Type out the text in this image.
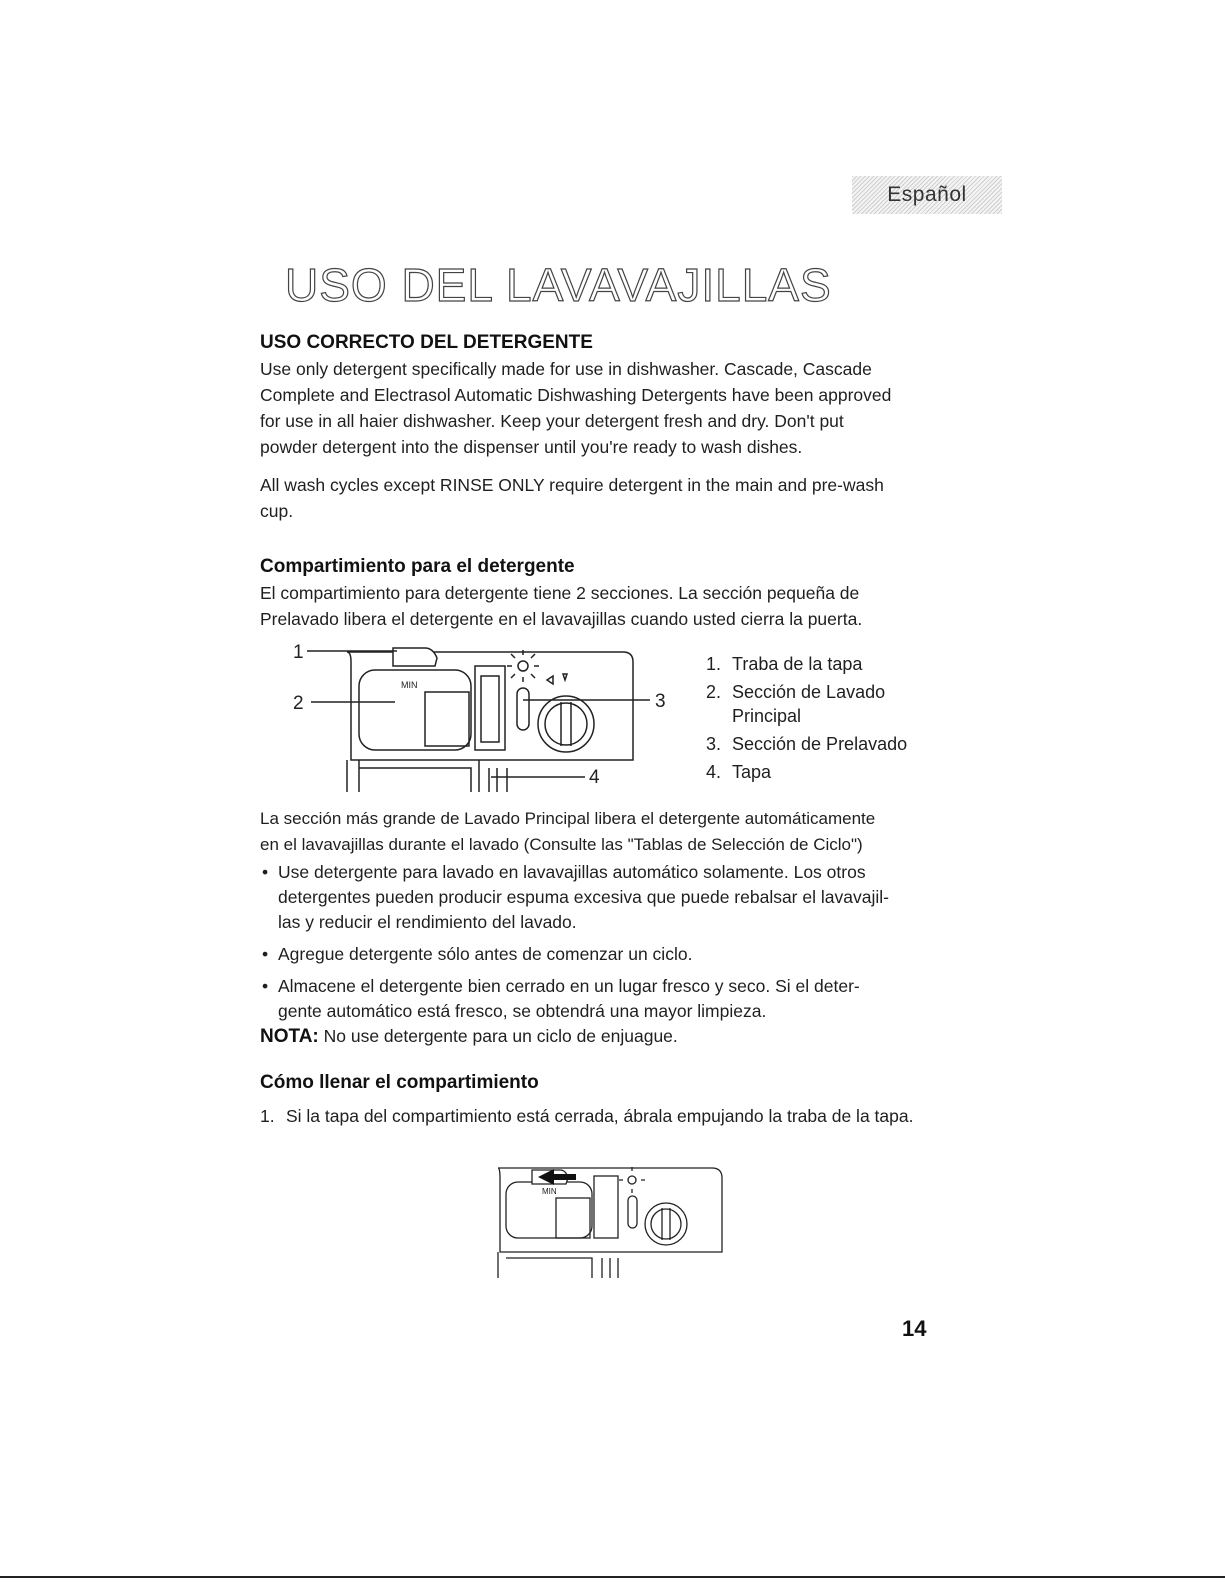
Español
USO DEL LAVAVAJILLAS
USO CORRECTO DEL DETERGENTE
Use only detergent specifically made for use in dishwasher. Cascade, Cascade
Complete and Electrasol Automatic Dishwashing Detergents have been approved
for use in all haier dishwasher. Keep your detergent fresh and dry. Don't put
powder detergent into the dispenser until you're ready to wash dishes.
All wash cycles except RINSE ONLY require detergent in the main and pre-wash
cup.
Compartimiento para el detergente
El compartimiento para detergente tiene 2 secciones. La sección pequeña de
Prelavado libera el detergente en el lavavajillas cuando usted cierra la puerta.
MIN
1
2	3
4
1. Traba de la tapa
2. Sección de Lavado Principal
3. Sección de Prelavado
4. Tapa
La sección más grande de Lavado Principal libera el detergente automáticamente
en el lavavajillas durante el lavado (Consulte las "Tablas de Selección de Ciclo")
• Use detergente para lavado en lavavajillas automático solamente. Los otros
detergentes pueden producir espuma excesiva que puede rebalsar el lavavajil-
las y reducir el rendimiento del lavado.
• Agregue detergente sólo antes de comenzar un ciclo.
• Almacene el detergente bien cerrado en un lugar fresco y seco. Si el deter-
gente automático está fresco, se obtendrá una mayor limpieza.

NOTA: No use detergente para un ciclo de enjuague.

Cómo llenar el compartimiento
1. Si la tapa del compartimiento está cerrada, ábrala empujando la traba de la tapa.
MIN
14
